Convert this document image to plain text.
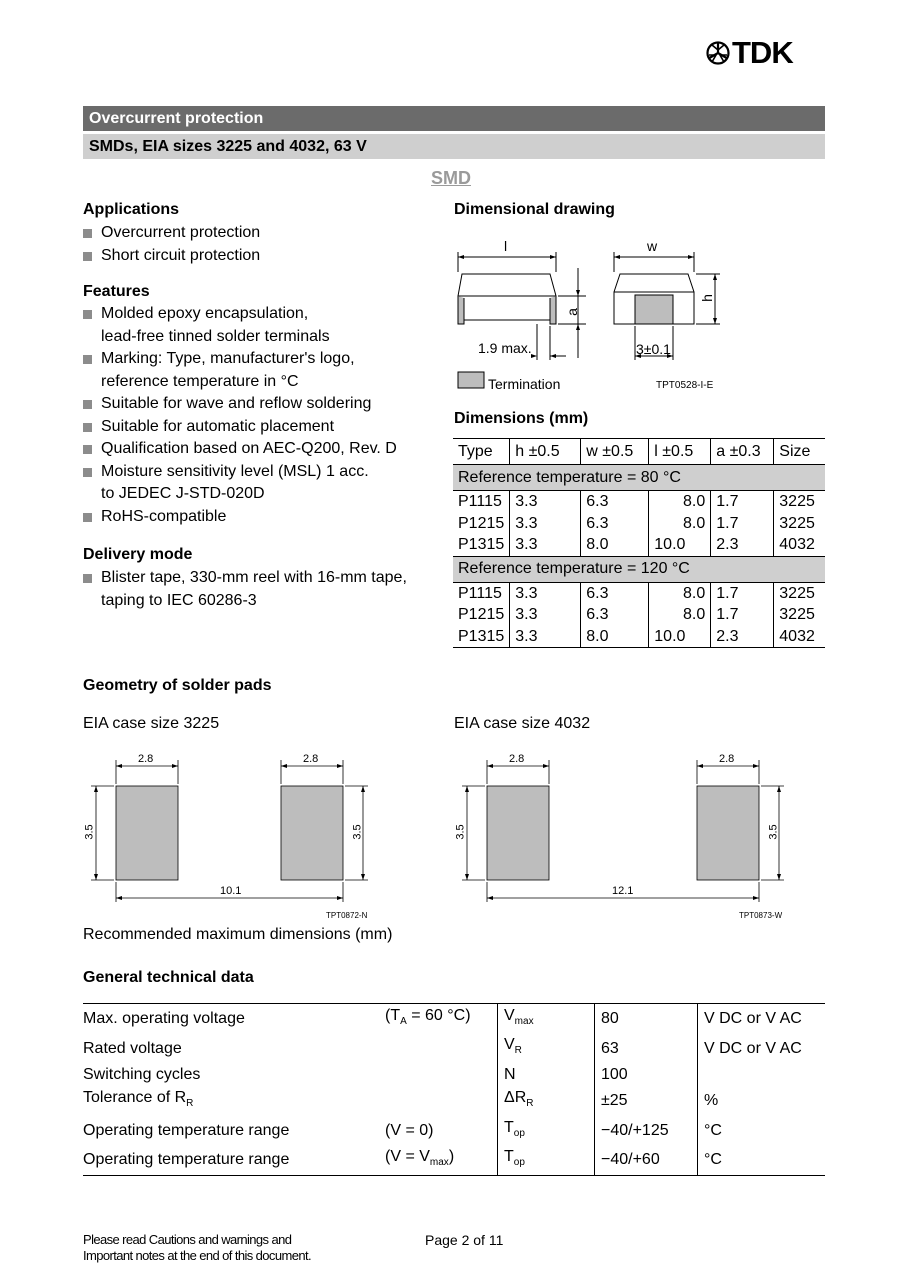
TDK
Overcurrent protection
SMDs, EIA sizes 3225 and 4032, 63 V
SMD
Applications
Overcurrent protection
Short circuit protection
Features
Molded epoxy encapsulation,
lead-free tinned solder terminals
Marking: Type, manufacturer's logo,
reference temperature in °C
Suitable for wave and reflow soldering
Suitable for automatic placement
Qualification based on AEC-Q200, Rev. D
Moisture sensitivity level (MSL) 1 acc.
to JEDEC J-STD-020D
RoHS-compatible
Delivery mode
Blister tape, 330-mm reel with 16-mm tape,
taping to IEC 60286-3
Dimensional drawing
l	w
h
a
1.9 max.	3±0.1
Termination	TPT0528-I-E
Dimensions (mm)
Type	h ±0.5	w ±0.5	l ±0.5	a ±0.3	Size
Reference temperature = 80 °C					
P1115	3.3	6.3	8.0	1.7	3225
P1215	3.3	6.3	8.0	1.7	3225
P1315	3.3	8.0	10.0	2.3	4032
Reference temperature = 120 °C					
P1115	3.3	6.3	8.0	1.7	3225
P1215	3.3	6.3	8.0	1.7	3225
P1315	3.3	8.0	10.0	2.3	4032
Geometry of solder pads
EIA case size 3225	EIA case size 4032
2.8	2.8
3.5	3.5
10.1
TPT0872-N
2.8	2.8
3.5	3.5
12.1
TPT0873-W
Recommended maximum dimensions (mm)
General technical data
Max. operating voltage	($T_A = 60$ °C)	$V_{max}$	80	V DC or V AC
Rated voltage		$V_R$	63	V DC or V AC
Switching cycles		N	100	
Tolerance of $R_R$		$\Delta R_R$	±25	%
Operating temperature range	(V = 0)	$T_{op}$	−40/+125	°C
Operating temperature range	$(V = V_{max})$	$T_{op}$	−40/+60	°C
Please read Cautions and warnings and
Important notes at the end of this document.
Page 2 of 11
